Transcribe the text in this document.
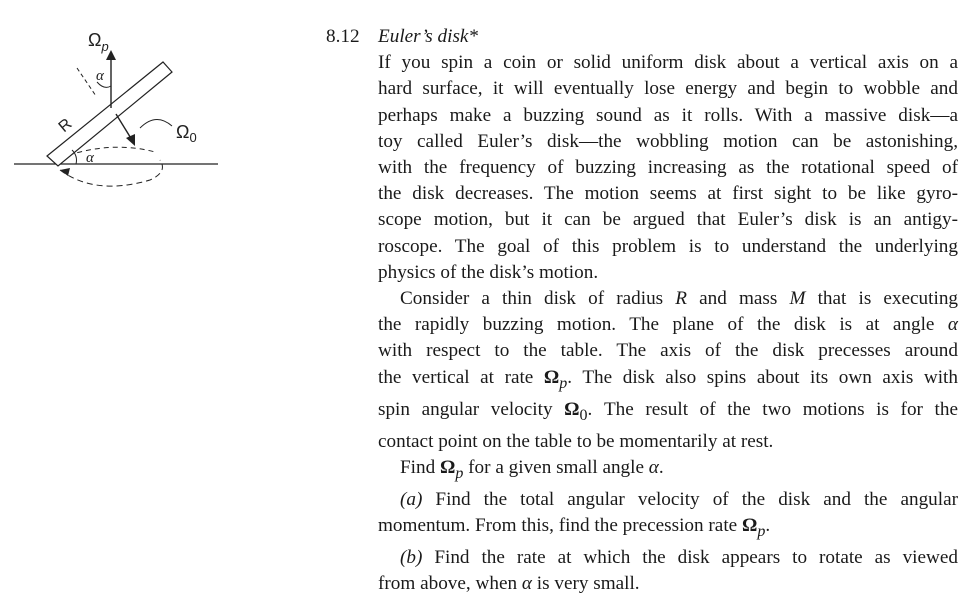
$\Omega_p$
α
R	$\Omega_0$
α
8.12 Euler’s disk*
If you spin a coin or solid uniform disk about a vertical axis on a
hard surface, it will eventually lose energy and begin to wobble and
perhaps make a buzzing sound as it rolls. With a massive disk—a
toy called Euler’s disk—the wobbling motion can be astonishing,
with the frequency of buzzing increasing as the rotational speed of
the disk decreases. The motion seems at first sight to be like gyro-
scope motion, but it can be argued that Euler’s disk is an antigy-
roscope. The goal of this problem is to understand the underlying
physics of the disk’s motion.
Consider a thin disk of radius R and mass M that is executing
the rapidly buzzing motion. The plane of the disk is at angle α
with respect to the table. The axis of the disk precesses around
the vertical at rate $\Omega_p$. The disk also spins about its own axis with
spin angular velocity $\Omega_0$. The result of the two motions is for the
contact point on the table to be momentarily at rest.
Find $\Omega_p$ for a given small angle α.
(a) Find the total angular velocity of the disk and the angular
momentum. From this, find the precession rate $\Omega_p$.
(b) Find the rate at which the disk appears to rotate as viewed
from above, when α is very small.
